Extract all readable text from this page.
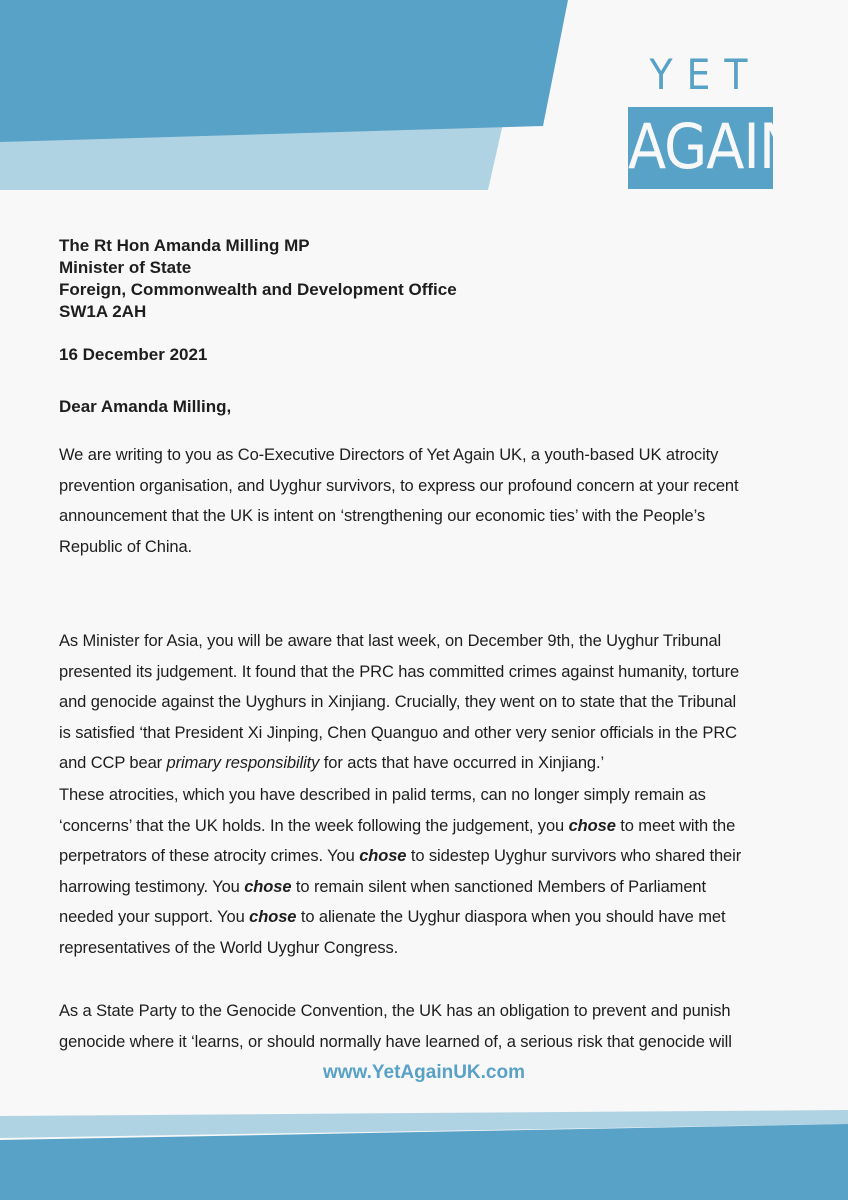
YET
AGAIN
The Rt Hon Amanda Milling MP
Minister of State
Foreign, Commonwealth and Development Office
SW1A 2AH
16 December 2021
Dear Amanda Milling,
We are writing to you as Co-Executive Directors of Yet Again UK, a youth-based UK atrocity
prevention organisation, and Uyghur survivors, to express our profound concern at your recent
announcement that the UK is intent on ‘strengthening our economic ties’ with the People’s
Republic of China.
As Minister for Asia, you will be aware that last week, on December 9th, the Uyghur Tribunal
presented its judgement. It found that the PRC has committed crimes against humanity, torture
and genocide against the Uyghurs in Xinjiang. Crucially, they went on to state that the Tribunal
is satisfied ‘that President Xi Jinping, Chen Quanguo and other very senior officials in the PRC
and CCP bear primary responsibility for acts that have occurred in Xinjiang.’
These atrocities, which you have described in palid terms, can no longer simply remain as
‘concerns’ that the UK holds. In the week following the judgement, you chose to meet with the
perpetrators of these atrocity crimes. You chose to sidestep Uyghur survivors who shared their
harrowing testimony. You chose to remain silent when sanctioned Members of Parliament
needed your support. You chose to alienate the Uyghur diaspora when you should have met
representatives of the World Uyghur Congress.
As a State Party to the Genocide Convention, the UK has an obligation to prevent and punish
genocide where it ‘learns, or should normally have learned of, a serious risk that genocide will
www.YetAgainUK.com
